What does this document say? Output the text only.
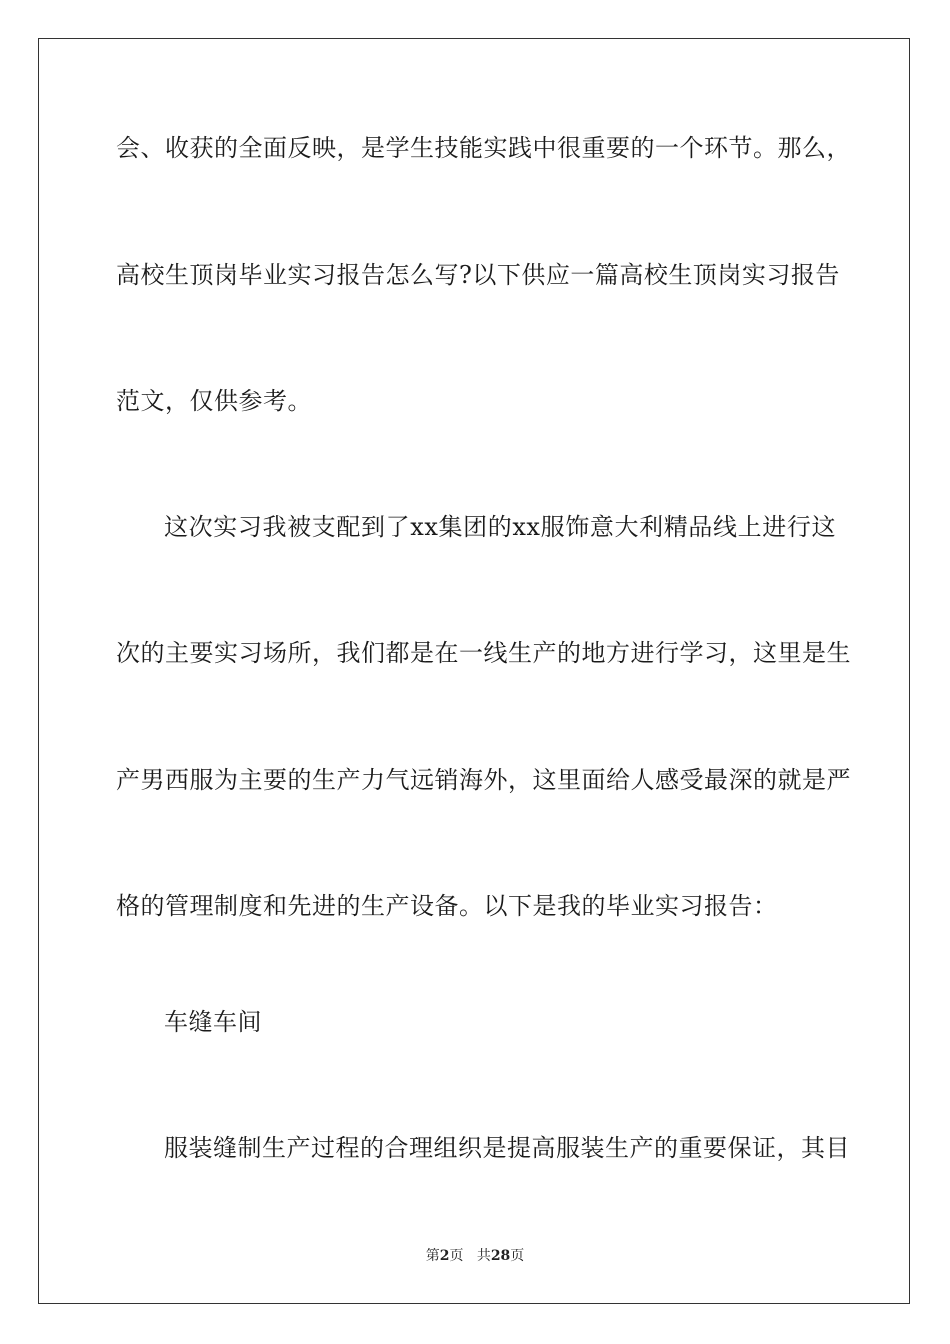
会、收获的全面反映，是学生技能实践中很重要的一个环节。那么，
高校生顶岗毕业实习报告怎么写?以下供应一篇高校生顶岗实习报告
范文，仅供参考。
这次实习我被支配到了xx集团的xx服饰意大利精品线上进行这
次的主要实习场所，我们都是在一线生产的地方进行学习，这里是生
产男西服为主要的生产力气远销海外，这里面给人感受最深的就是严
格的管理制度和先进的生产设备。以下是我的毕业实习报告：
车缝车间
服装缝制生产过程的合理组织是提高服装生产的重要保证，其目
第2页 共28页
